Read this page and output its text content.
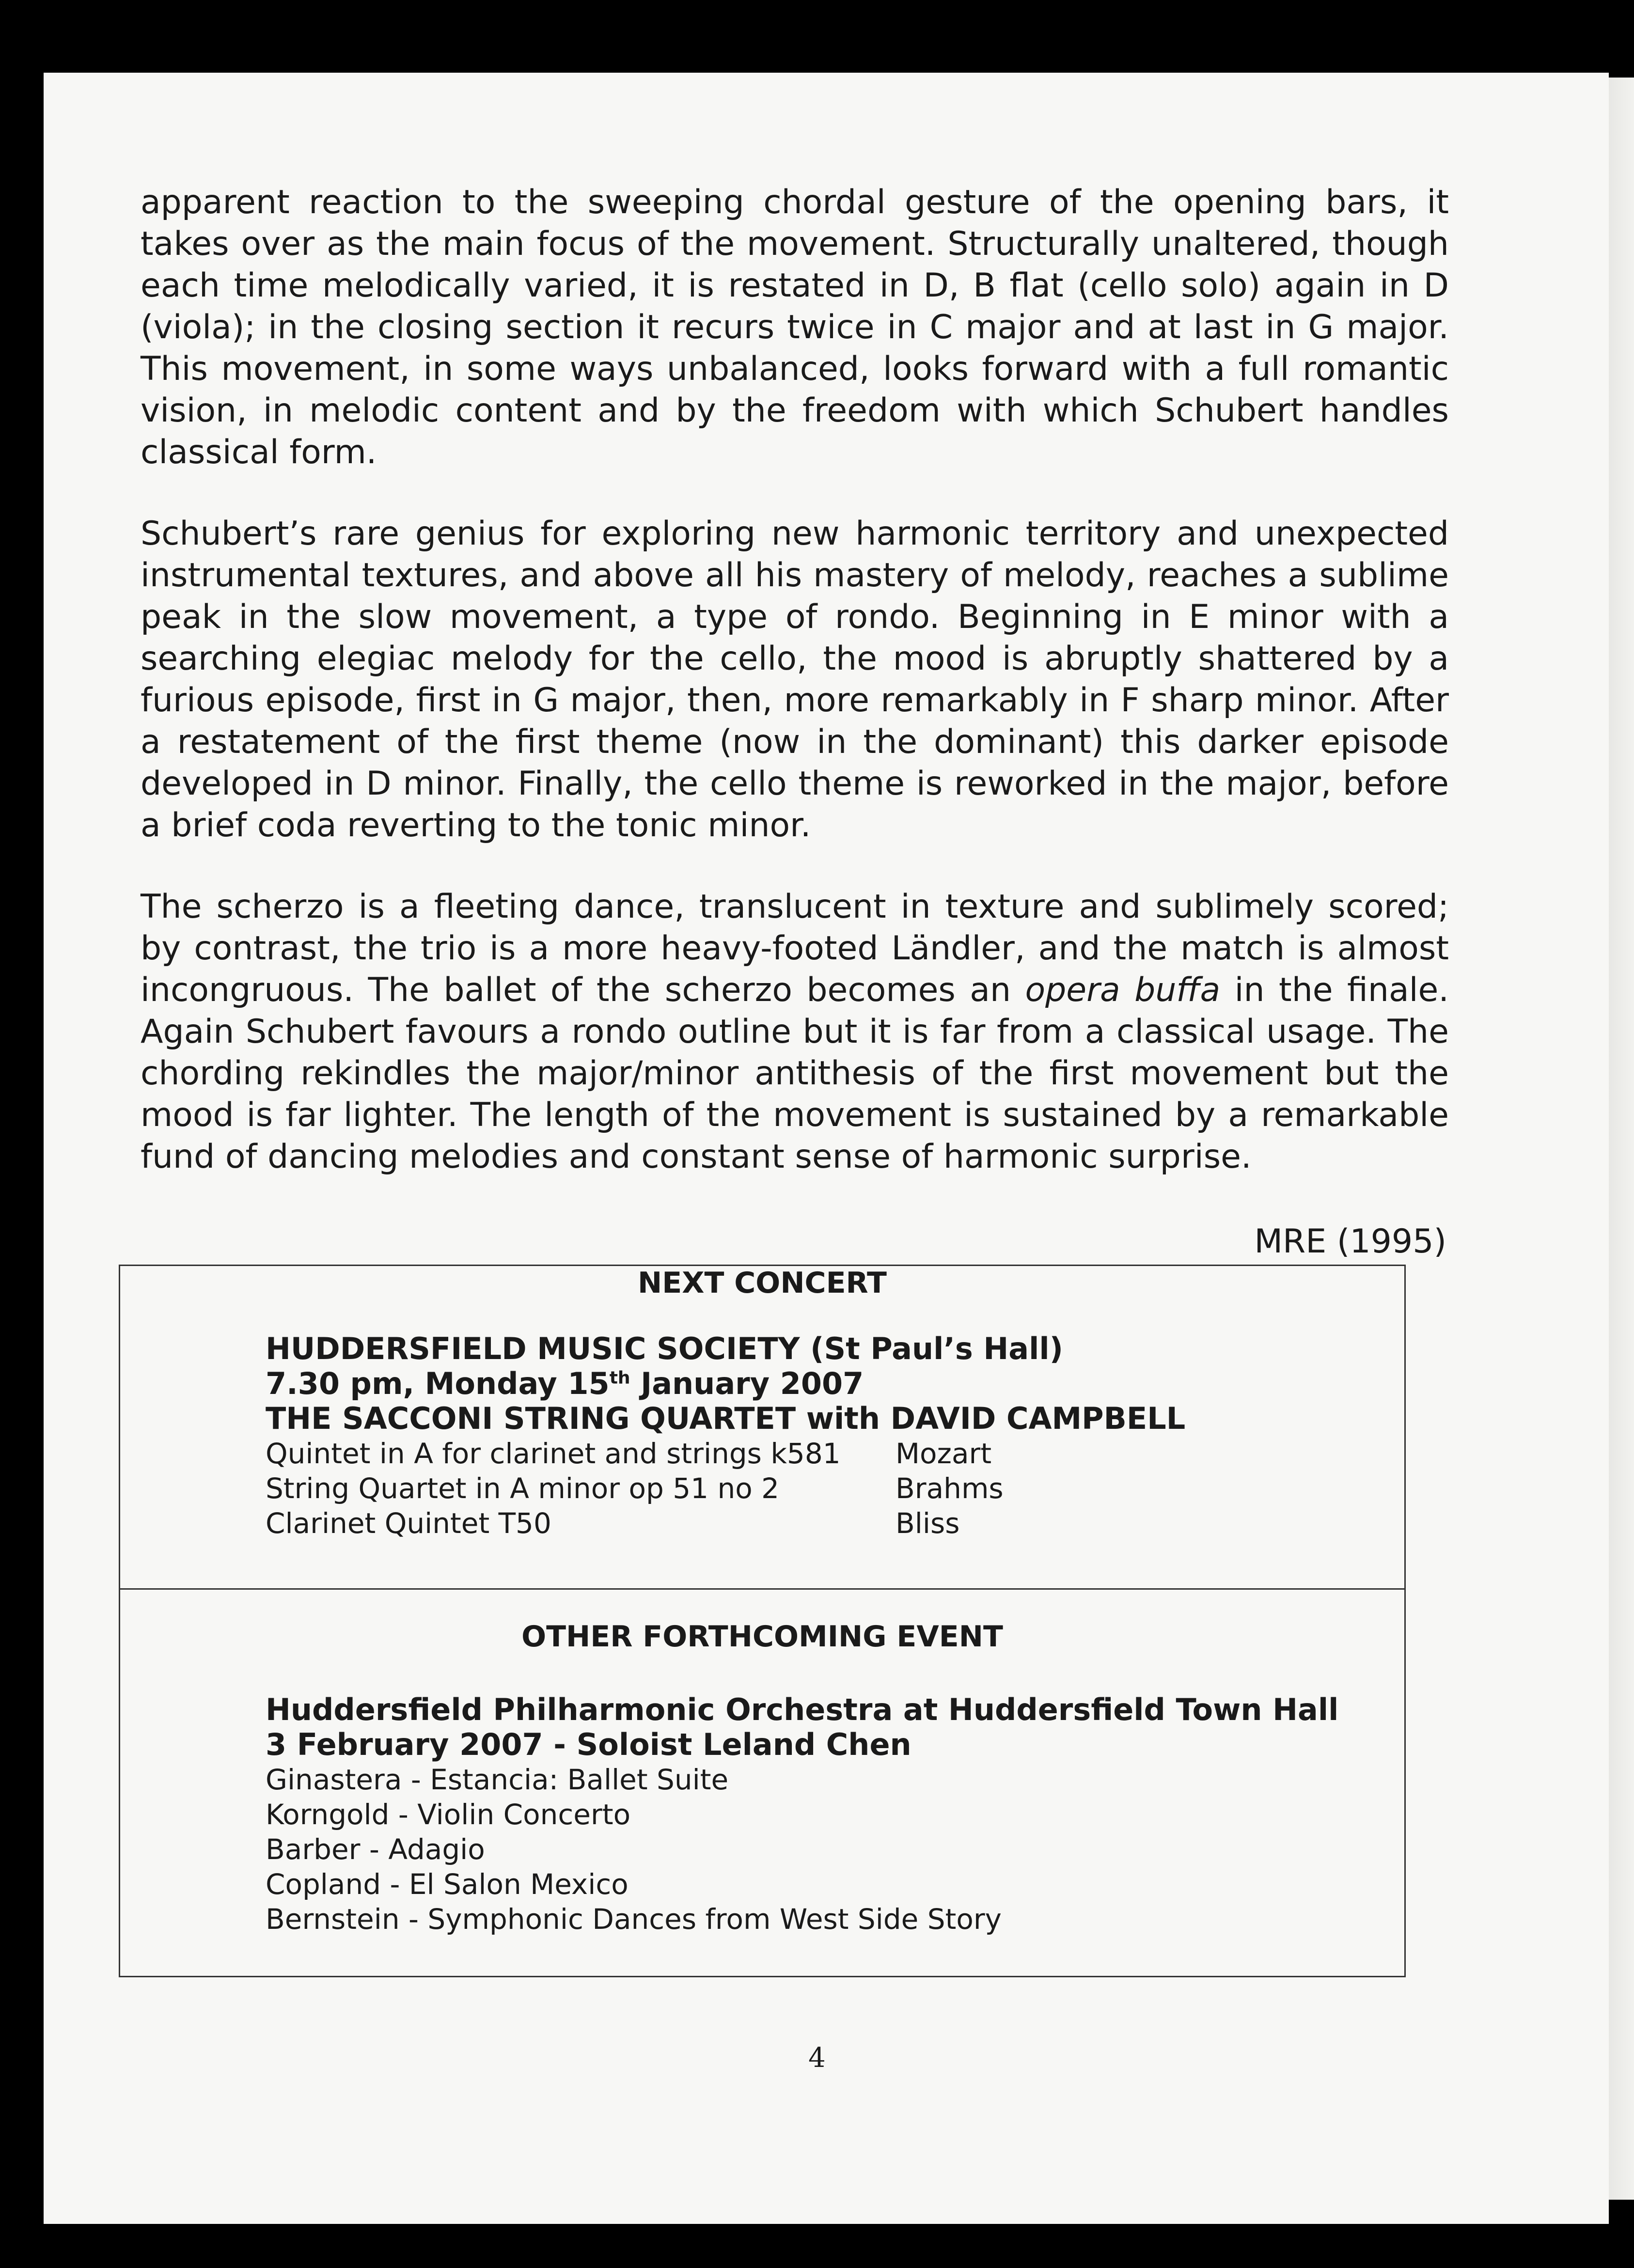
apparent reaction to the sweeping chordal gesture of the opening bars, it takes over as the main focus of the movement. Structurally unaltered, though each time melodically varied, it is restated in D, B flat (cello solo) again in D (viola); in the closing section it recurs twice in C major and at last in G major. This movement, in some ways unbalanced, looks forward with a full romantic vision, in melodic content and by the freedom with which Schubert handles classical form.

Schubert’s rare genius for exploring new harmonic territory and unexpected instrumental textures, and above all his mastery of melody, reaches a sublime peak in the slow movement, a type of rondo. Beginning in E minor with a searching elegiac melody for the cello, the mood is abruptly shattered by a furious episode, first in G major, then, more remarkably in F sharp minor. After a restatement of the first theme (now in the dominant) this darker episode developed in D minor. Finally, the cello theme is reworked in the major, before a brief coda reverting to the tonic minor.

The scherzo is a fleeting dance, translucent in texture and sublimely scored; by contrast, the trio is a more heavy-footed Ländler, and the match is almost incongruous. The ballet of the scherzo becomes an opera buffa in the finale. Again Schubert favours a rondo outline but it is far from a classical usage. The chording rekindles the major/minor antithesis of the first movement but the mood is far lighter. The length of the movement is sustained by a remarkable fund of dancing melodies and constant sense of harmonic surprise.

MRE (1995)
NEXT CONCERT
HUDDERSFIELD MUSIC SOCIETY (St Paul’s Hall)
7.30 pm, Monday 15th January 2007
THE SACCONI STRING QUARTET with DAVID CAMPBELL
Quintet in A for clarinet and strings k581	Mozart
String Quartet in A minor op 51 no 2	Brahms
Clarinet Quintet T50	Bliss
OTHER FORTHCOMING EVENT
Huddersfield Philharmonic Orchestra at Huddersfield Town Hall
3 February 2007 - Soloist Leland Chen
Ginastera - Estancia: Ballet Suite
Korngold - Violin Concerto
Barber - Adagio
Copland - El Salon Mexico
Bernstein - Symphonic Dances from West Side Story
4
